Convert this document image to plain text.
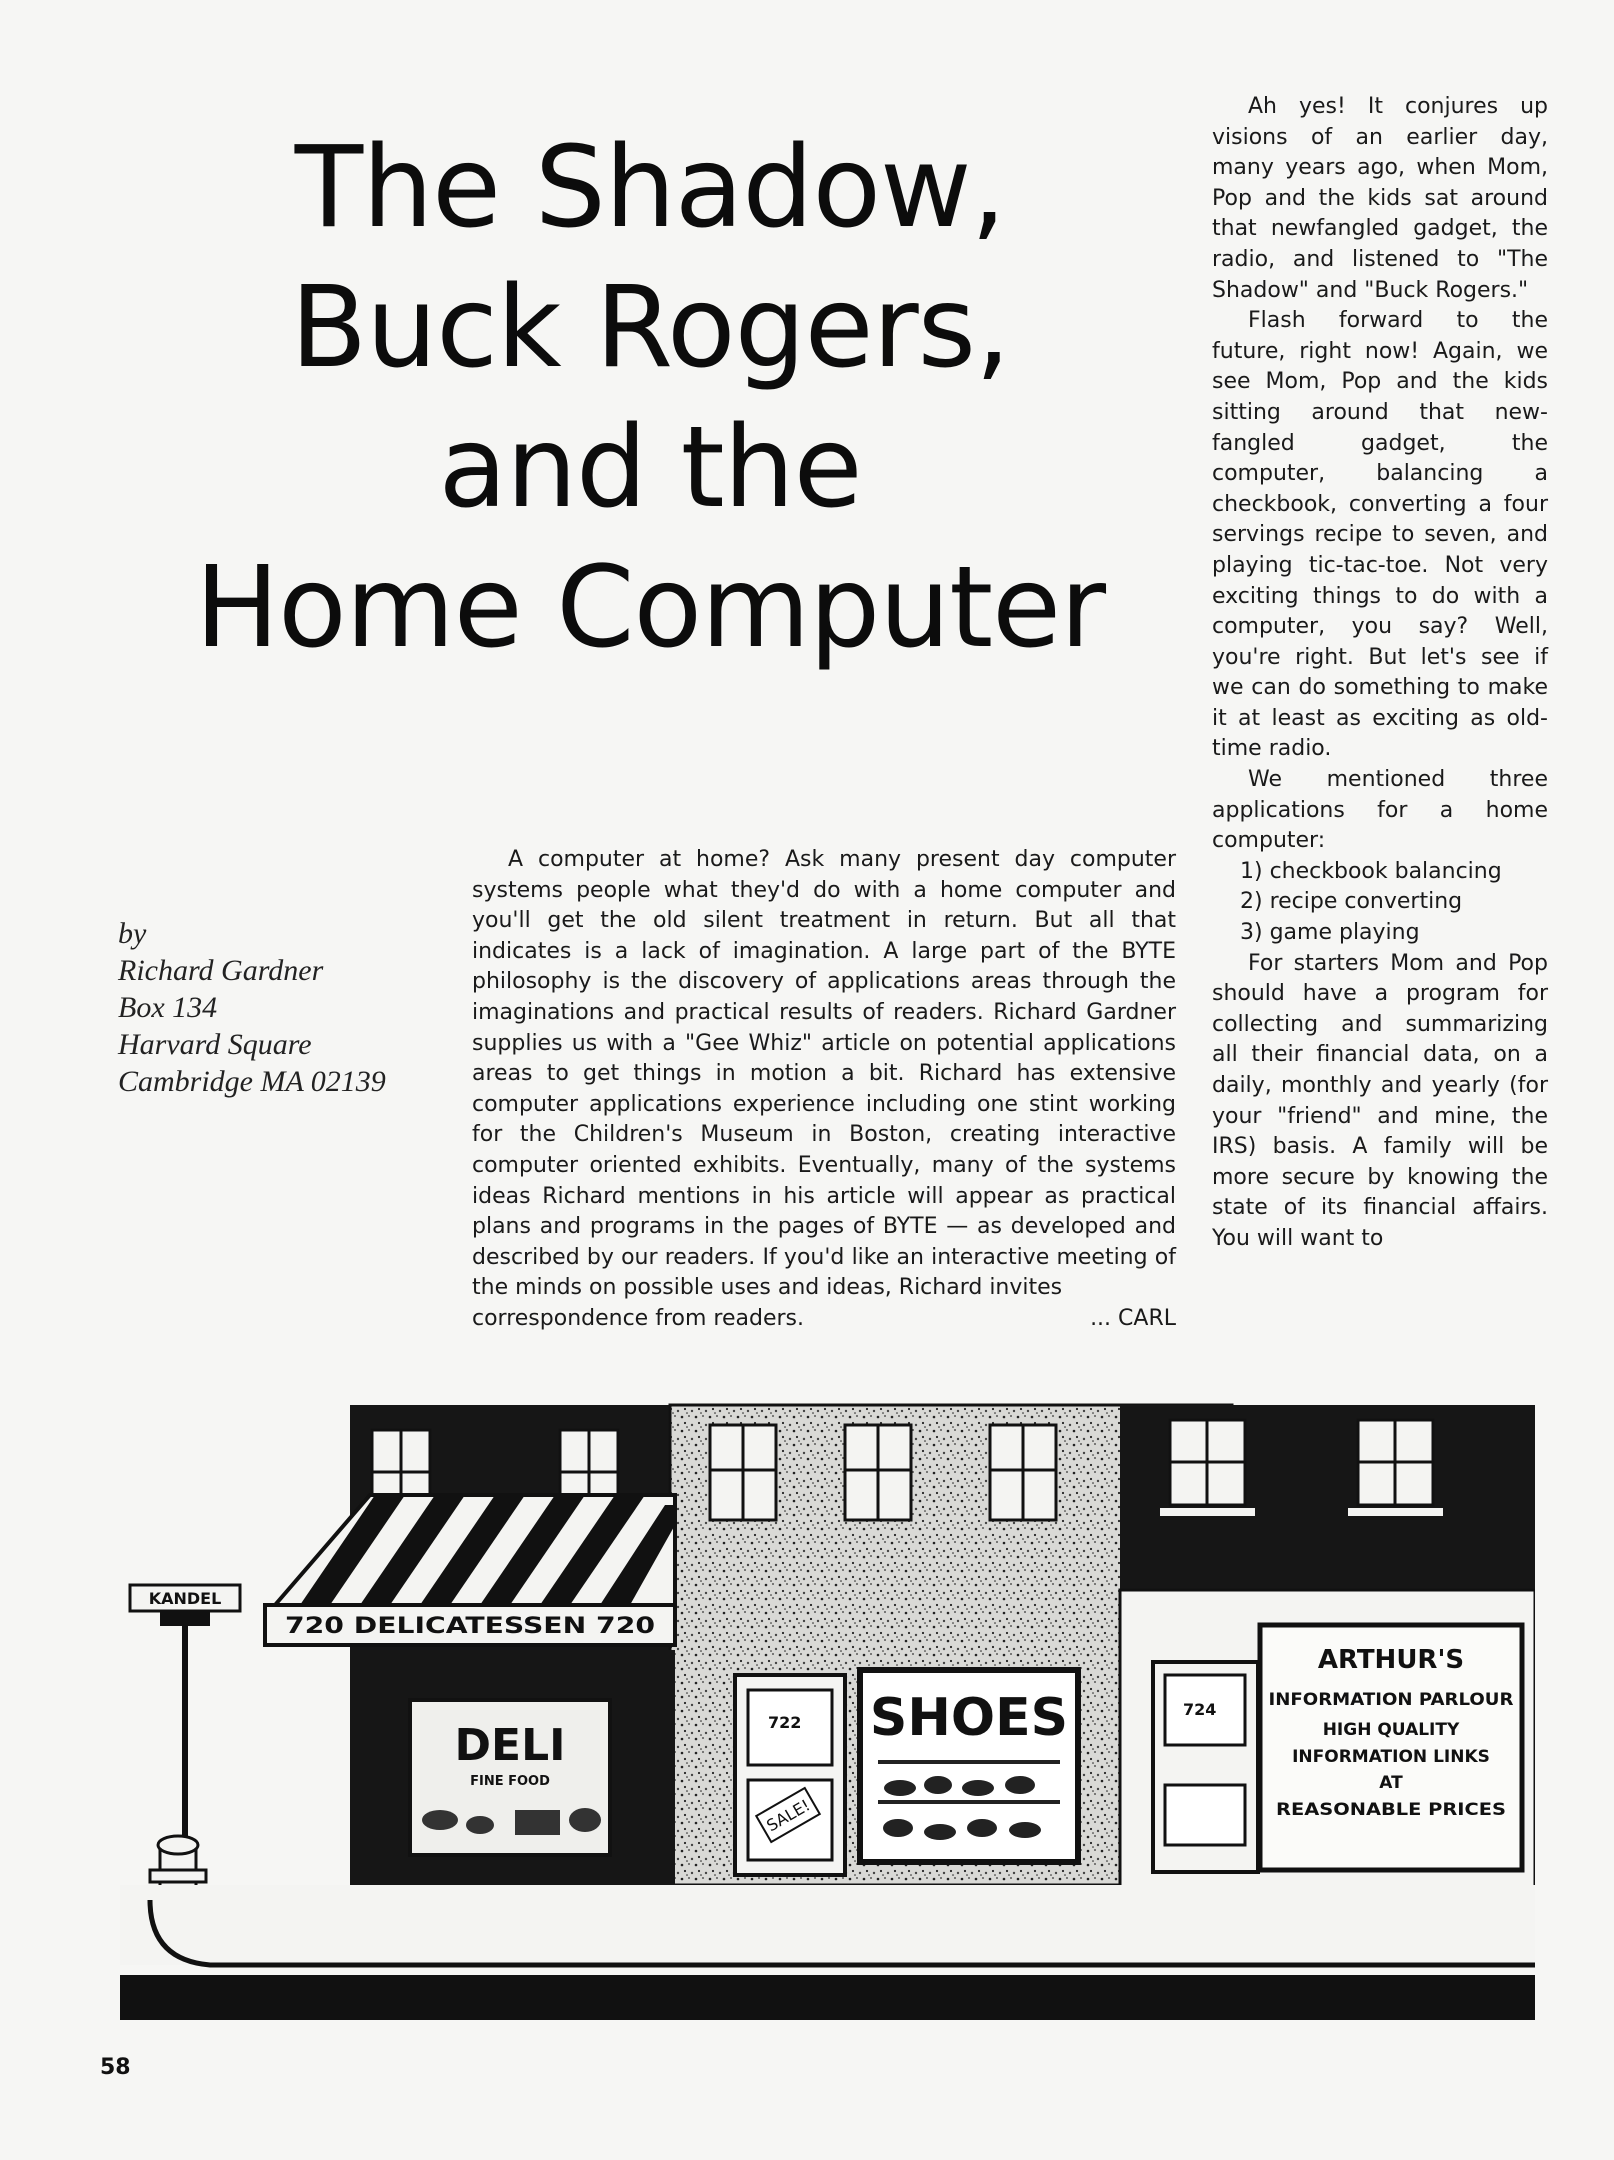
The Shadow,
Buck Rogers,
and the
Home Computer
by
Richard Gardner
Box 134
Harvard Square
Cambridge MA 02139
A computer at home? Ask many present day computer systems people what they'd do with a home computer and you'll get the old silent treatment in return. But all that indicates is a lack of imagination. A large part of the BYTE philosophy is the discovery of applications areas through the imaginations and practical results of readers. Richard Gardner supplies us with a "Gee Whiz" article on potential applications areas to get things in motion a bit. Richard has extensive computer applications experience including one stint working for the Children's Museum in Boston, creating interactive computer oriented exhibits. Eventually, many of the systems ideas Richard mentions in his article will appear as practical plans and programs in the pages of BYTE — as developed and described by our readers. If you'd like an interactive meeting of the minds on possible uses and ideas, Richard invites
correspondence from readers.	... CARL

Ah yes! It conjures up visions of an earlier day, many years ago, when Mom, Pop and the kids sat around that newfangled gadget, the radio, and listened to "The Shadow" and "Buck Rogers."

Flash forward to the future, right now! Again, we see Mom, Pop and the kids sitting around that new-fangled gadget, the computer, balancing a checkbook, converting a four servings recipe to seven, and playing tic-tac-toe. Not very exciting things to do with a computer, you say? Well, you're right. But let's see if we can do something to make it at least as exciting as old-time radio.

We mentioned three applications for a home computer:

1) checkbook balancing
2) recipe converting
3) game playing

For starters Mom and Pop should have a program for collecting and summarizing all their financial data, on a daily, monthly and yearly (for your "friend" and mine, the IRS) basis. A family will be more secure by knowing the state of its financial affairs. You will want to

724
ARTHUR'S
INFORMATION PARLOUR
HIGH QUALITY
INFORMATION LINKS
AT
REASONABLE PRICES
722
SALE!
SHOES
DELI
FINE FOOD
720 DELICATESSEN 720
KANDEL
58
